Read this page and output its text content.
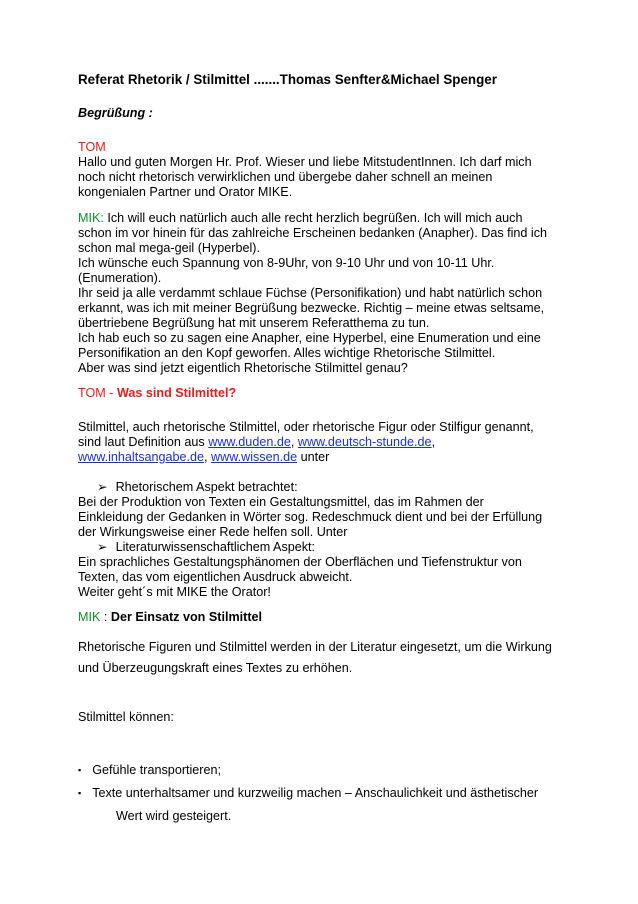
Referat Rhetorik / Stilmittel .......Thomas Senfter&Michael Spenger
Begrüßung :
TOM
Hallo und guten Morgen Hr. Prof. Wieser und liebe MitstudentInnen. Ich darf mich
noch nicht rhetorisch verwirklichen und übergebe daher schnell an meinen
kongenialen Partner und Orator MIKE.
MIK: Ich will euch natürlich auch alle recht herzlich begrüßen. Ich will mich auch
schon im vor hinein für das zahlreiche Erscheinen bedanken (Anapher). Das find ich
schon mal mega-geil (Hyperbel).
Ich wünsche euch Spannung von 8-9Uhr, von 9-10 Uhr und von 10-11 Uhr.
(Enumeration).
Ihr seid ja alle verdammt schlaue Füchse (Personifikation) und habt natürlich schon
erkannt, was ich mit meiner Begrüßung bezwecke. Richtig – meine etwas seltsame,
übertriebene Begrüßung hat mit unserem Referatthema zu tun.
Ich hab euch so zu sagen eine Anapher, eine Hyperbel, eine Enumeration und eine
Personifikation an den Kopf geworfen. Alles wichtige Rhetorische Stilmittel.
Aber was sind jetzt eigentlich Rhetorische Stilmittel genau?
TOM - Was sind Stilmittel?
Stilmittel, auch rhetorische Stilmittel, oder rhetorische Figur oder Stilfigur genannt,
sind laut Definition aus www.duden.de, www.deutsch-stunde.de,
www.inhaltsangabe.de, www.wissen.de unter
➢ Rhetorischem Aspekt betrachtet:
Bei der Produktion von Texten ein Gestaltungsmittel, das im Rahmen der
Einkleidung der Gedanken in Wörter sog. Redeschmuck dient und bei der Erfüllung
der Wirkungsweise einer Rede helfen soll. Unter
➢ Literaturwissenschaftlichem Aspekt:
Ein sprachliches Gestaltungsphänomen der Oberflächen und Tiefenstruktur von
Texten, das vom eigentlichen Ausdruck abweicht.
Weiter geht´s mit MIKE the Orator!
MIK : Der Einsatz von Stilmittel
Rhetorische Figuren und Stilmittel werden in der Literatur eingesetzt, um die Wirkung
und Überzeugungskraft eines Textes zu erhöhen.
Stilmittel können:
▪ Gefühle transportieren;
▪ Texte unterhaltsamer und kurzweilig machen – Anschaulichkeit und ästhetischer
Wert wird gesteigert.
